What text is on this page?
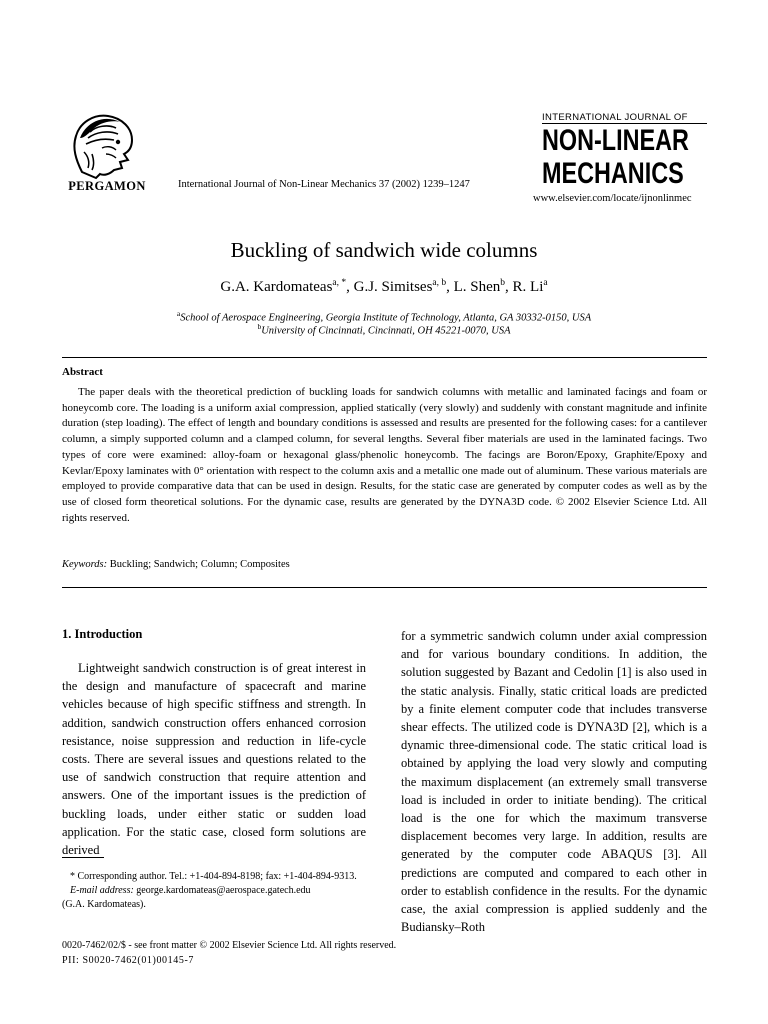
PERGAMON	International Journal of Non-Linear Mechanics 37 (2002) 1239–1247
INTERNATIONAL JOURNAL OF
NON-LINEAR
MECHANICS
www.elsevier.com/locate/ijnonlinmec
Buckling of sandwich wide columns
G.A. Kardomateas$^{a, *}$, G.J. Simitses$^{a, b}$, L. Shen$^b$, R. Li$^a$
$^a$School of Aerospace Engineering, Georgia Institute of Technology, Atlanta, GA 30332-0150, USA
$^b$University of Cincinnati, Cincinnati, OH 45221-0070, USA
Abstract
The paper deals with the theoretical prediction of buckling loads for sandwich columns with metallic and laminated facings and foam or honeycomb core. The loading is a uniform axial compression, applied statically (very slowly) and suddenly with constant magnitude and infinite duration (step loading). The effect of length and boundary conditions is assessed and results are presented for the following cases: for a cantilever column, a simply supported column and a clamped column, for several lengths. Several fiber materials are used in the laminated facings. Two types of core were examined: alloy-foam or hexagonal glass/phenolic honeycomb. The facings are Boron/Epoxy, Graphite/Epoxy and Kevlar/Epoxy laminates with 0° orientation with respect to the column axis and a metallic one made out of aluminum. These various materials are employed to provide comparative data that can be used in design. Results, for the static case are generated by computer codes as well as by the use of closed form theoretical solutions. For the dynamic case, results are generated by the DYNA3D code. © 2002 Elsevier Science Ltd. All rights reserved.
Keywords: Buckling; Sandwich; Column; Composites
1. Introduction
Lightweight sandwich construction is of great interest in the design and manufacture of spacecraft and marine vehicles because of high specific stiffness and strength. In addition, sandwich construction offers enhanced corrosion resistance, noise suppression and reduction in life-cycle costs. There are several issues and questions related to the use of sandwich construction that require attention and answers. One of the important issues is the prediction of buckling loads, under either static or sudden load application. For the static case, closed form solutions are derived
for a symmetric sandwich column under axial compression and for various boundary conditions. In addition, the solution suggested by Bazant and Cedolin [1] is also used in the static analysis. Finally, static critical loads are predicted by a finite element computer code that includes transverse shear effects. The utilized code is DYNA3D [2], which is a dynamic three-dimensional code. The static critical load is obtained by applying the load very slowly and computing the maximum displacement (an extremely small transverse load is included in order to initiate bending). The critical load is the one for which the maximum transverse displacement becomes very large. In addition, results are generated by the computer code ABAQUS [3]. All predictions are computed and compared to each other in order to establish confidence in the results. For the dynamic case, the axial compression is applied suddenly and the Budiansky–Roth
* Corresponding author. Tel.: +1-404-894-8198; fax: +1-404-894-9313.
E-mail address: george.kardomateas@aerospace.gatech.edu
(G.A. Kardomateas).
0020-7462/02/$ - see front matter © 2002 Elsevier Science Ltd. All rights reserved.
PII: S0020-7462(01)00145-7
